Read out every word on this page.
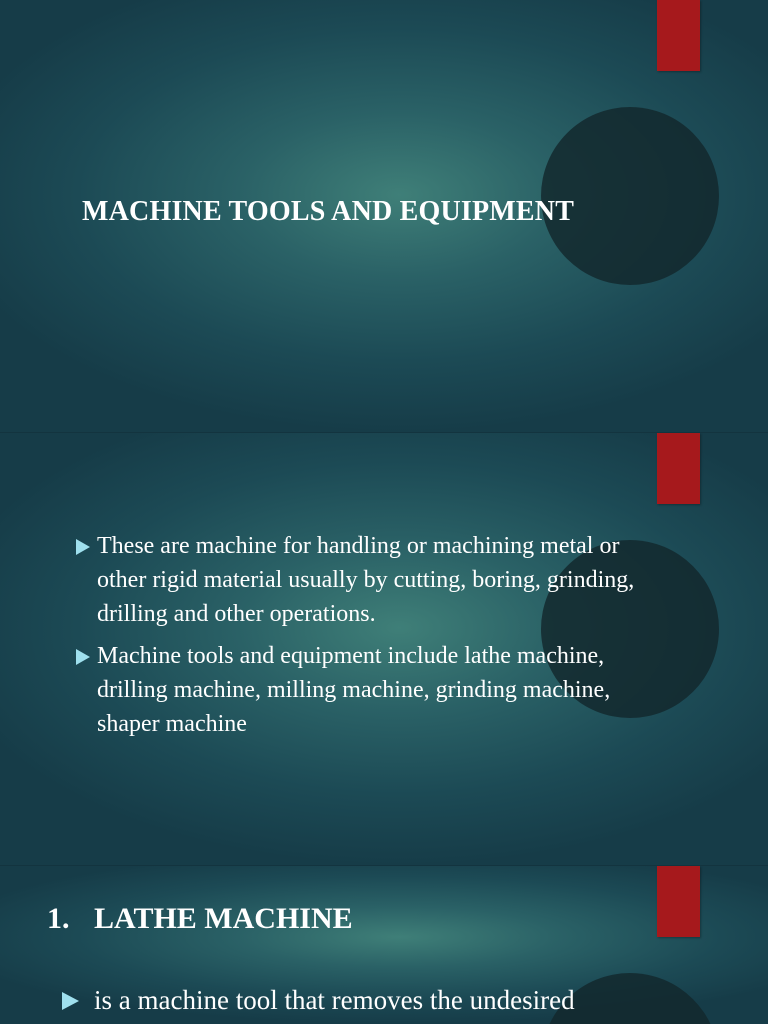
MACHINE TOOLS AND EQUIPMENT
These are machine for handling or machining metal or other rigid material usually by cutting, boring, grinding, drilling and other operations.
Machine tools and equipment include lathe machine, drilling machine, milling machine, grinding machine, shaper machine
1. LATHE MACHINE
is a machine tool that removes the undesired
